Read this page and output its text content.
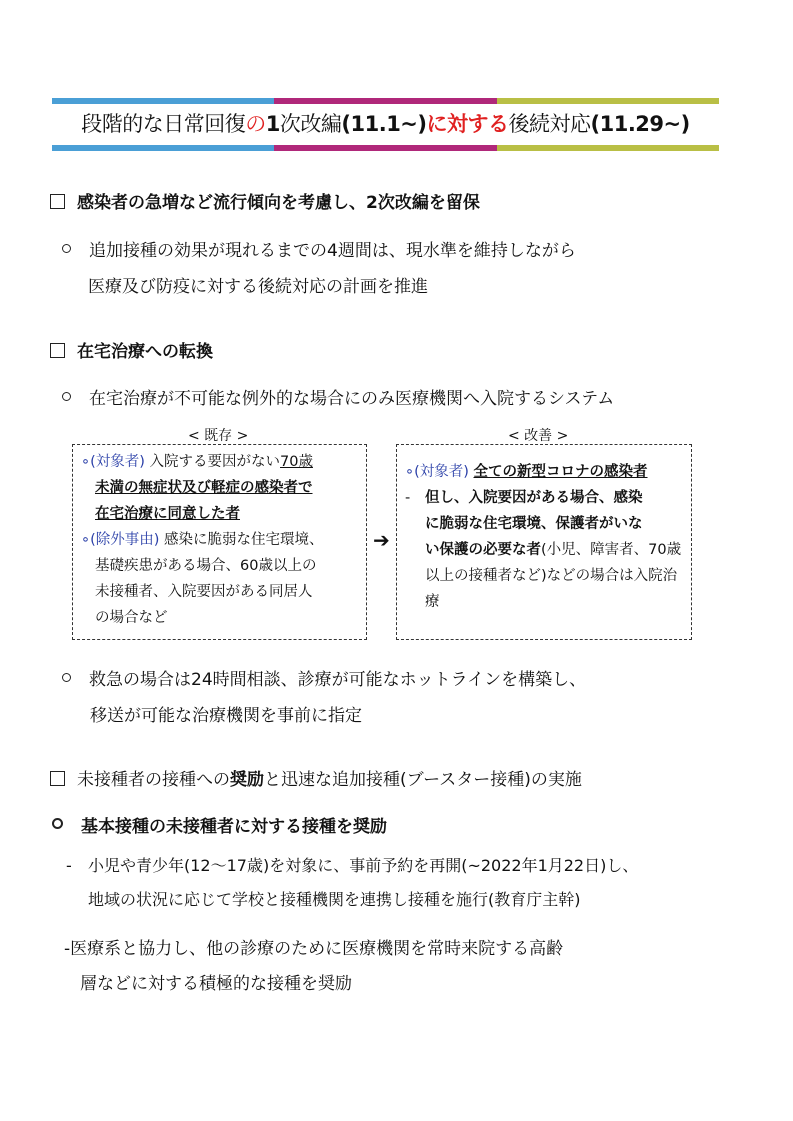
段階的な日常回復の1次改編(11.1~)に対する後続対応(11.29~)
感染者の急増など流行傾向を考慮し、2次改編を留保
追加接種の効果が現れるまでの4週間は、現水準を維持しながら
医療及び防疫に対する後続対応の計画を推進
在宅治療への転換
在宅治療が不可能な例外的な場合にのみ医療機関へ入院するシステム
< 既存 >	< 改善 >
∘(対象者) 入院する要因がない70歳
未満の無症状及び軽症の感染者で
在宅治療に同意した者
∘(除外事由) 感染に脆弱な住宅環境、
基礎疾患がある場合、60歳以上の
未接種者、入院要因がある同居人
の場合など
➔
∘(対象者) 全ての新型コロナの感染者
- 但し、入院要因がある場合、感染
に脆弱な住宅環境、保護者がいな
い保護の必要な者(小児、障害者、70歳
以上の接種者など)などの場合は入院治
療
救急の場合は24時間相談、診療が可能なホットラインを構築し、
移送が可能な治療機関を事前に指定
未接種者の接種への奨励と迅速な追加接種(ブースター接種)の実施
基本接種の未接種者に対する接種を奨励
- 小児や青少年(12～17歳)を対象に、事前予約を再開(~2022年1月22日)し、
地域の状況に応じて学校と接種機関を連携し接種を施行(教育庁主幹)
-医療系と協力し、他の診療のために医療機関を常時来院する高齢
層などに対する積極的な接種を奨励
